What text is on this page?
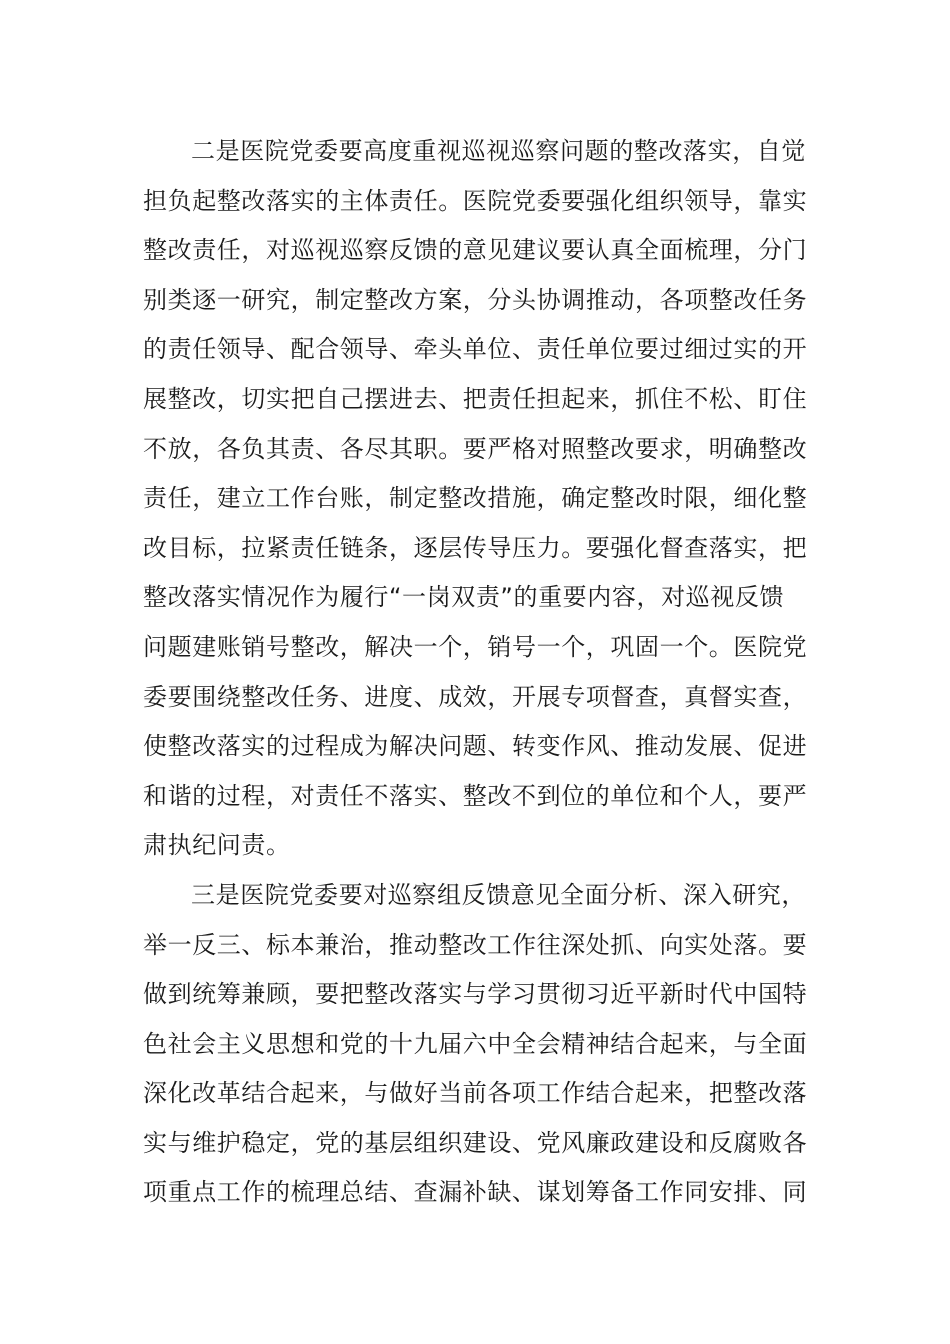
二是医院党委要高度重视巡视巡察问题的整改落实，自觉
担负起整改落实的主体责任。医院党委要强化组织领导，靠实
整改责任，对巡视巡察反馈的意见建议要认真全面梳理，分门
别类逐一研究，制定整改方案，分头协调推动，各项整改任务
的责任领导、配合领导、牵头单位、责任单位要过细过实的开
展整改，切实把自己摆进去、把责任担起来，抓住不松、盯住
不放，各负其责、各尽其职。要严格对照整改要求，明确整改
责任，建立工作台账，制定整改措施，确定整改时限，细化整
改目标，拉紧责任链条，逐层传导压力。要强化督查落实，把
整改落实情况作为履行“一岗双责”的重要内容，对巡视反馈
问题建账销号整改，解决一个，销号一个，巩固一个。医院党
委要围绕整改任务、进度、成效，开展专项督查，真督实查，
使整改落实的过程成为解决问题、转变作风、推动发展、促进
和谐的过程，对责任不落实、整改不到位的单位和个人，要严
肃执纪问责。
三是医院党委要对巡察组反馈意见全面分析、深入研究，
举一反三、标本兼治，推动整改工作往深处抓、向实处落。要
做到统筹兼顾，要把整改落实与学习贯彻习近平新时代中国特
色社会主义思想和党的十九届六中全会精神结合起来，与全面
深化改革结合起来，与做好当前各项工作结合起来，把整改落
实与维护稳定，党的基层组织建设、党风廉政建设和反腐败各
项重点工作的梳理总结、查漏补缺、谋划筹备工作同安排、同
